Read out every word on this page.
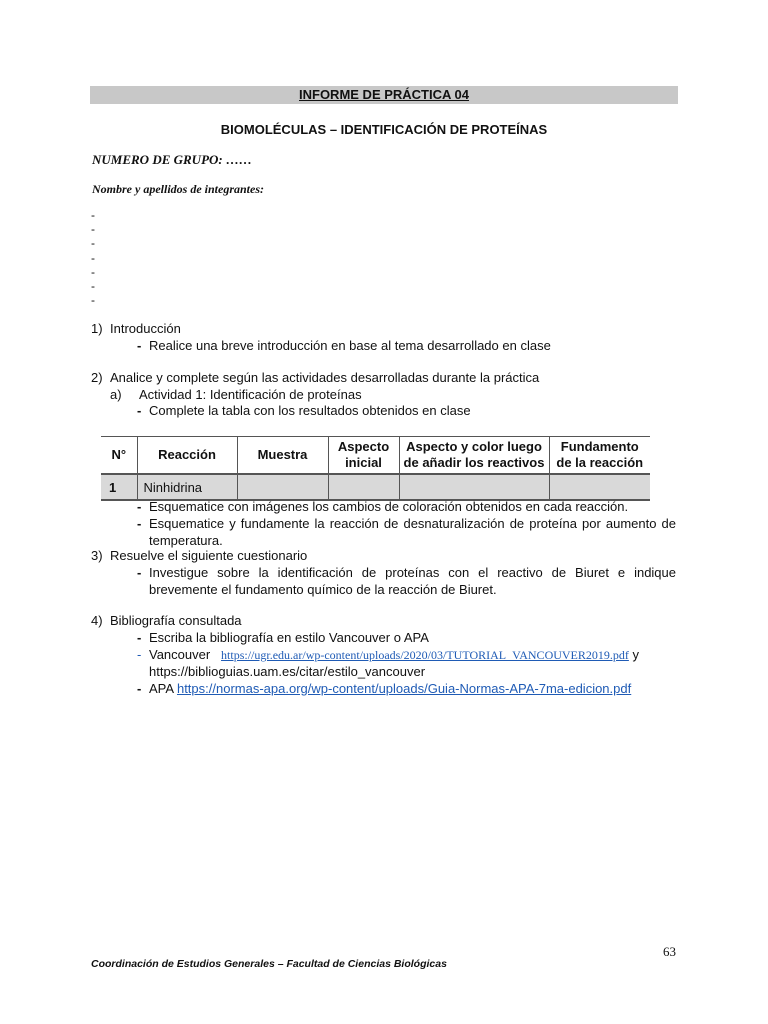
INFORME DE PRÁCTICA 04
BIOMOLÉCULAS – IDENTIFICACIÓN DE PROTEÍNAS
NUMERO DE GRUPO: ……
Nombre y apellidos de integrantes:
-
-
-
-
-
-
-
1) Introducción
- Realice una breve introducción en base al tema desarrollado en clase
2) Analice y complete según las actividades desarrolladas durante la práctica
a) Actividad 1: Identificación de proteínas
- Complete la tabla con los resultados obtenidos en clase
N°	Reacción	Muestra	Aspecto inicial	Aspecto y color luego de añadir los reactivos	Fundamento de la reacción
1	Ninhidrina				
- Esquematice con imágenes los cambios de coloración obtenidos en cada reacción.
- Esquematice y fundamente la reacción de desnaturalización de proteína por aumento de temperatura.
3) Resuelve el siguiente cuestionario
- Investigue sobre la identificación de proteínas con el reactivo de Biuret e indique brevemente el fundamento químico de la reacción de Biuret.
4) Bibliografía consultada
- Escriba la bibliografía en estilo Vancouver o APA
- Vancouver https://ugr.edu.ar/wp-content/uploads/2020/03/TUTORIAL_VANCOUVER2019.pdf y
https://biblioguias.uam.es/citar/estilo_vancouver
- APA https://normas-apa.org/wp-content/uploads/Guia-Normas-APA-7ma-edicion.pdf
63
Coordinación de Estudios Generales – Facultad de Ciencias Biológicas
